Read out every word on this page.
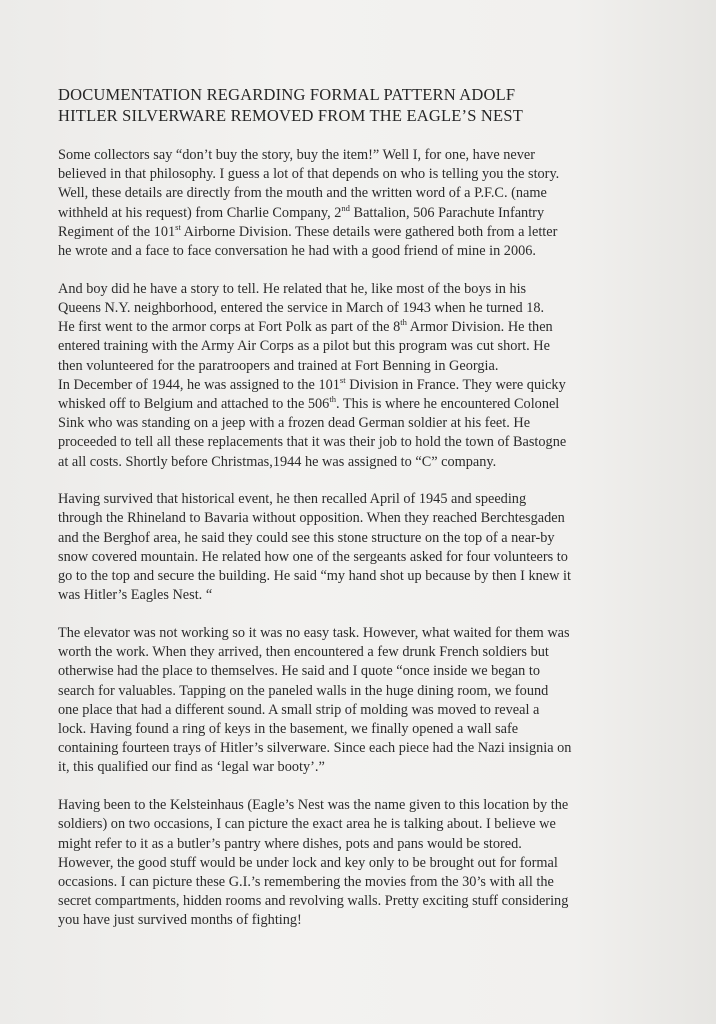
DOCUMENTATION REGARDING FORMAL PATTERN ADOLF
HITLER SILVERWARE REMOVED FROM THE EAGLE’S NEST
Some collectors say “don’t buy the story, buy the item!” Well I, for one, have never
believed in that philosophy. I guess a lot of that depends on who is telling you the story.
Well, these details are directly from the mouth and the written word of a P.F.C. (name
withheld at his request) from Charlie Company, 2nd Battalion, 506 Parachute Infantry
Regiment of the 101st Airborne Division. These details were gathered both from a letter
he wrote and a face to face conversation he had with a good friend of mine in 2006.
And boy did he have a story to tell. He related that he, like most of the boys in his
Queens N.Y. neighborhood, entered the service in March of 1943 when he turned 18.
He first went to the armor corps at Fort Polk as part of the 8th Armor Division. He then
entered training with the Army Air Corps as a pilot but this program was cut short. He
then volunteered for the paratroopers and trained at Fort Benning in Georgia.
In December of 1944, he was assigned to the 101st Division in France. They were quicky
whisked off to Belgium and attached to the 506th. This is where he encountered Colonel
Sink who was standing on a jeep with a frozen dead German soldier at his feet. He
proceeded to tell all these replacements that it was their job to hold the town of Bastogne
at all costs. Shortly before Christmas,1944 he was assigned to “C” company.
Having survived that historical event, he then recalled April of 1945 and speeding
through the Rhineland to Bavaria without opposition. When they reached Berchtesgaden
and the Berghof area, he said they could see this stone structure on the top of a near-by
snow covered mountain. He related how one of the sergeants asked for four volunteers to
go to the top and secure the building. He said “my hand shot up because by then I knew it
was Hitler’s Eagles Nest. “
The elevator was not working so it was no easy task. However, what waited for them was
worth the work. When they arrived, then encountered a few drunk French soldiers but
otherwise had the place to themselves. He said and I quote “once inside we began to
search for valuables. Tapping on the paneled walls in the huge dining room, we found
one place that had a different sound. A small strip of molding was moved to reveal a
lock. Having found a ring of keys in the basement, we finally opened a wall safe
containing fourteen trays of Hitler’s silverware. Since each piece had the Nazi insignia on
it, this qualified our find as ‘legal war booty’.”
Having been to the Kelsteinhaus (Eagle’s Nest was the name given to this location by the
soldiers) on two occasions, I can picture the exact area he is talking about. I believe we
might refer to it as a butler’s pantry where dishes, pots and pans would be stored.
However, the good stuff would be under lock and key only to be brought out for formal
occasions. I can picture these G.I.’s remembering the movies from the 30’s with all the
secret compartments, hidden rooms and revolving walls. Pretty exciting stuff considering
you have just survived months of fighting!
